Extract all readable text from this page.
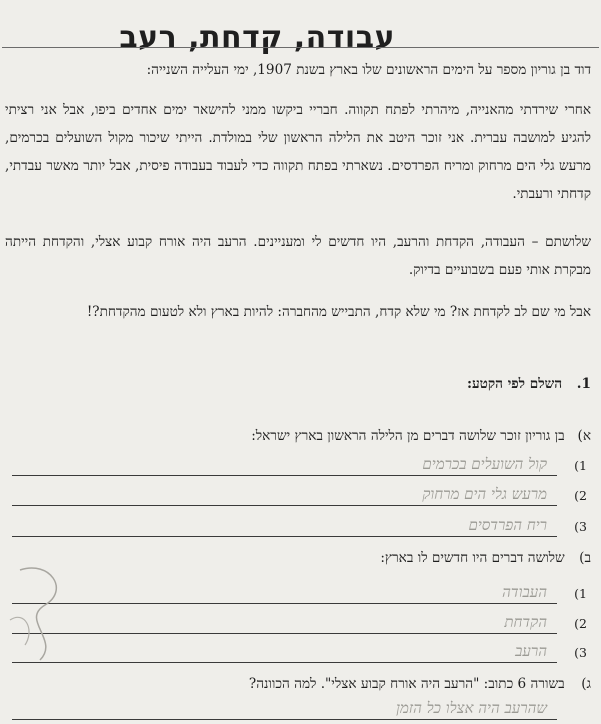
עבודה, קדחת, רעב

דוד בן גוריון מספר על הימים הראשונים שלו בארץ בשנת 1907, ימי העלייה השנייה:

אחרי שירדתי מהאנייה, מיהרתי לפתח תקווה. חבריי ביקשו ממני להישאר ימים אחדים ביפו, אבל אני רציתי להגיע למושבה עברית. אני זוכר היטב את הלילה הראשון שלי במולדת. הייתי שיכור מקול השועלים בכרמים, מרעש גלי הים מרחוק ומריח הפרדסים. נשארתי בפתח תקווה כדי לעבוד בעבודה פיסית, אבל יותר מאשר עבדתי, קדחתי ורעבתי.

שלושתם – העבודה, הקדחת והרעב, היו חדשים לי ומעניינים. הרעב היה אורח קבוע אצלי, והקדחת הייתה מבקרת אותי פעם בשבועיים בדיוק.

אבל מי שם לב לקדחת אז? מי שלא קדח, התבייש מהחברה: להיות בארץ ולא לטעום מהקדחת?!

1. השלם לפי הקטע:
א) בן גוריון זוכר שלושה דברים מן הלילה הראשון בארץ ישראל:
1)
קול השועלים בכרמים
2)
מרעש גלי הים מרחוק
3)
ריח הפרדסים
ב) שלושה דברים היו חדשים לו בארץ:
1)
העבודה
2)
הקדחת
3)
הרעב
ג) בשורה 6 כתוב: "הרעב היה אורח קבוע אצלי". למה הכוונה?
שהרעב היה אצלו כל הזמן
